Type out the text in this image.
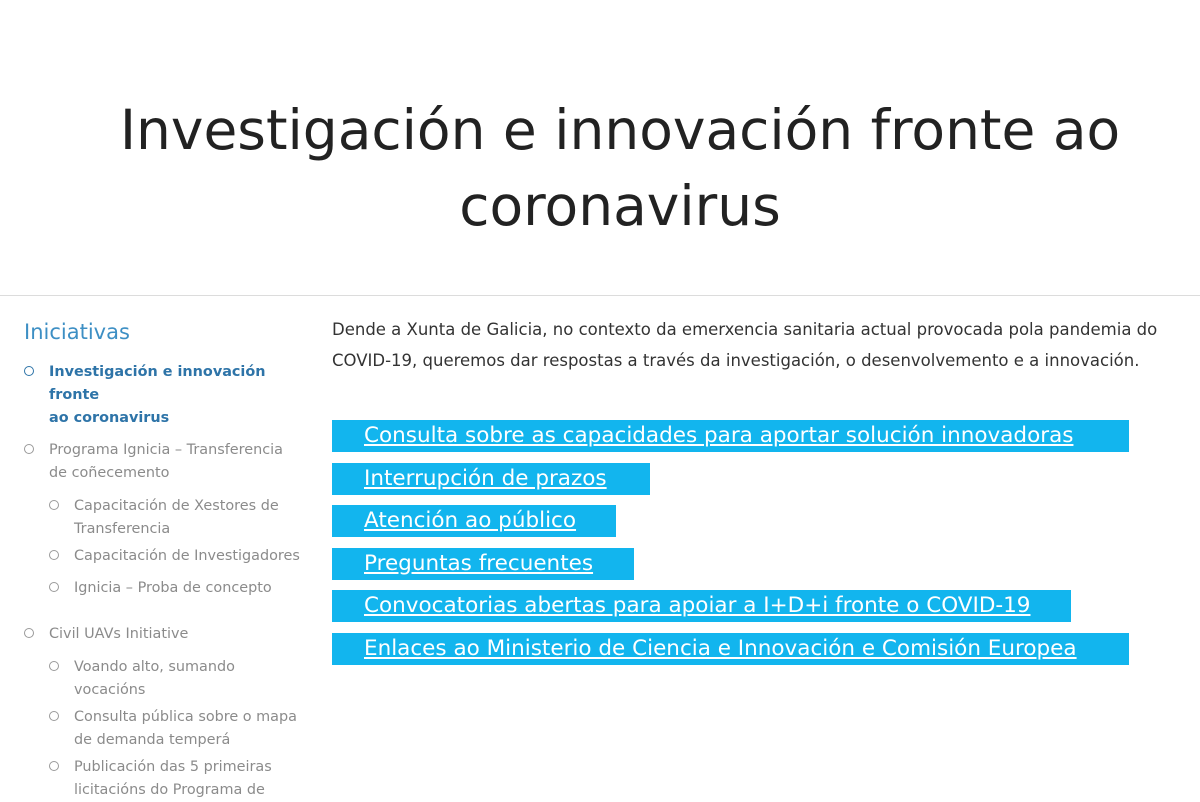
Investigación e innovación fronte ao
coronavirus
Iniciativas
Investigación e innovación fronte
ao coronavirus
Programa Ignicia – Transferencia
de coñecemento
Capacitación de Xestores de
Transferencia
Capacitación de Investigadores
Ignicia – Proba de concepto
Civil UAVs Initiative
Voando alto, sumando
vocacións
Consulta pública sobre o mapa
de demanda temperá
Publicación das 5 primeiras
licitacións do Programa de

Dende a Xunta de Galicia, no contexto da emerxencia sanitaria actual provocada pola pandemia do COVID-19, queremos dar respostas a través da investigación, o desenvolvemento e a innovación.

Consulta sobre as capacidades para aportar solución innovadoras
Interrupción de prazos
Atención ao público
Preguntas frecuentes
Convocatorias abertas para apoiar a I+D+i fronte o COVID-19
Enlaces ao Ministerio de Ciencia e Innovación e Comisión Europea
